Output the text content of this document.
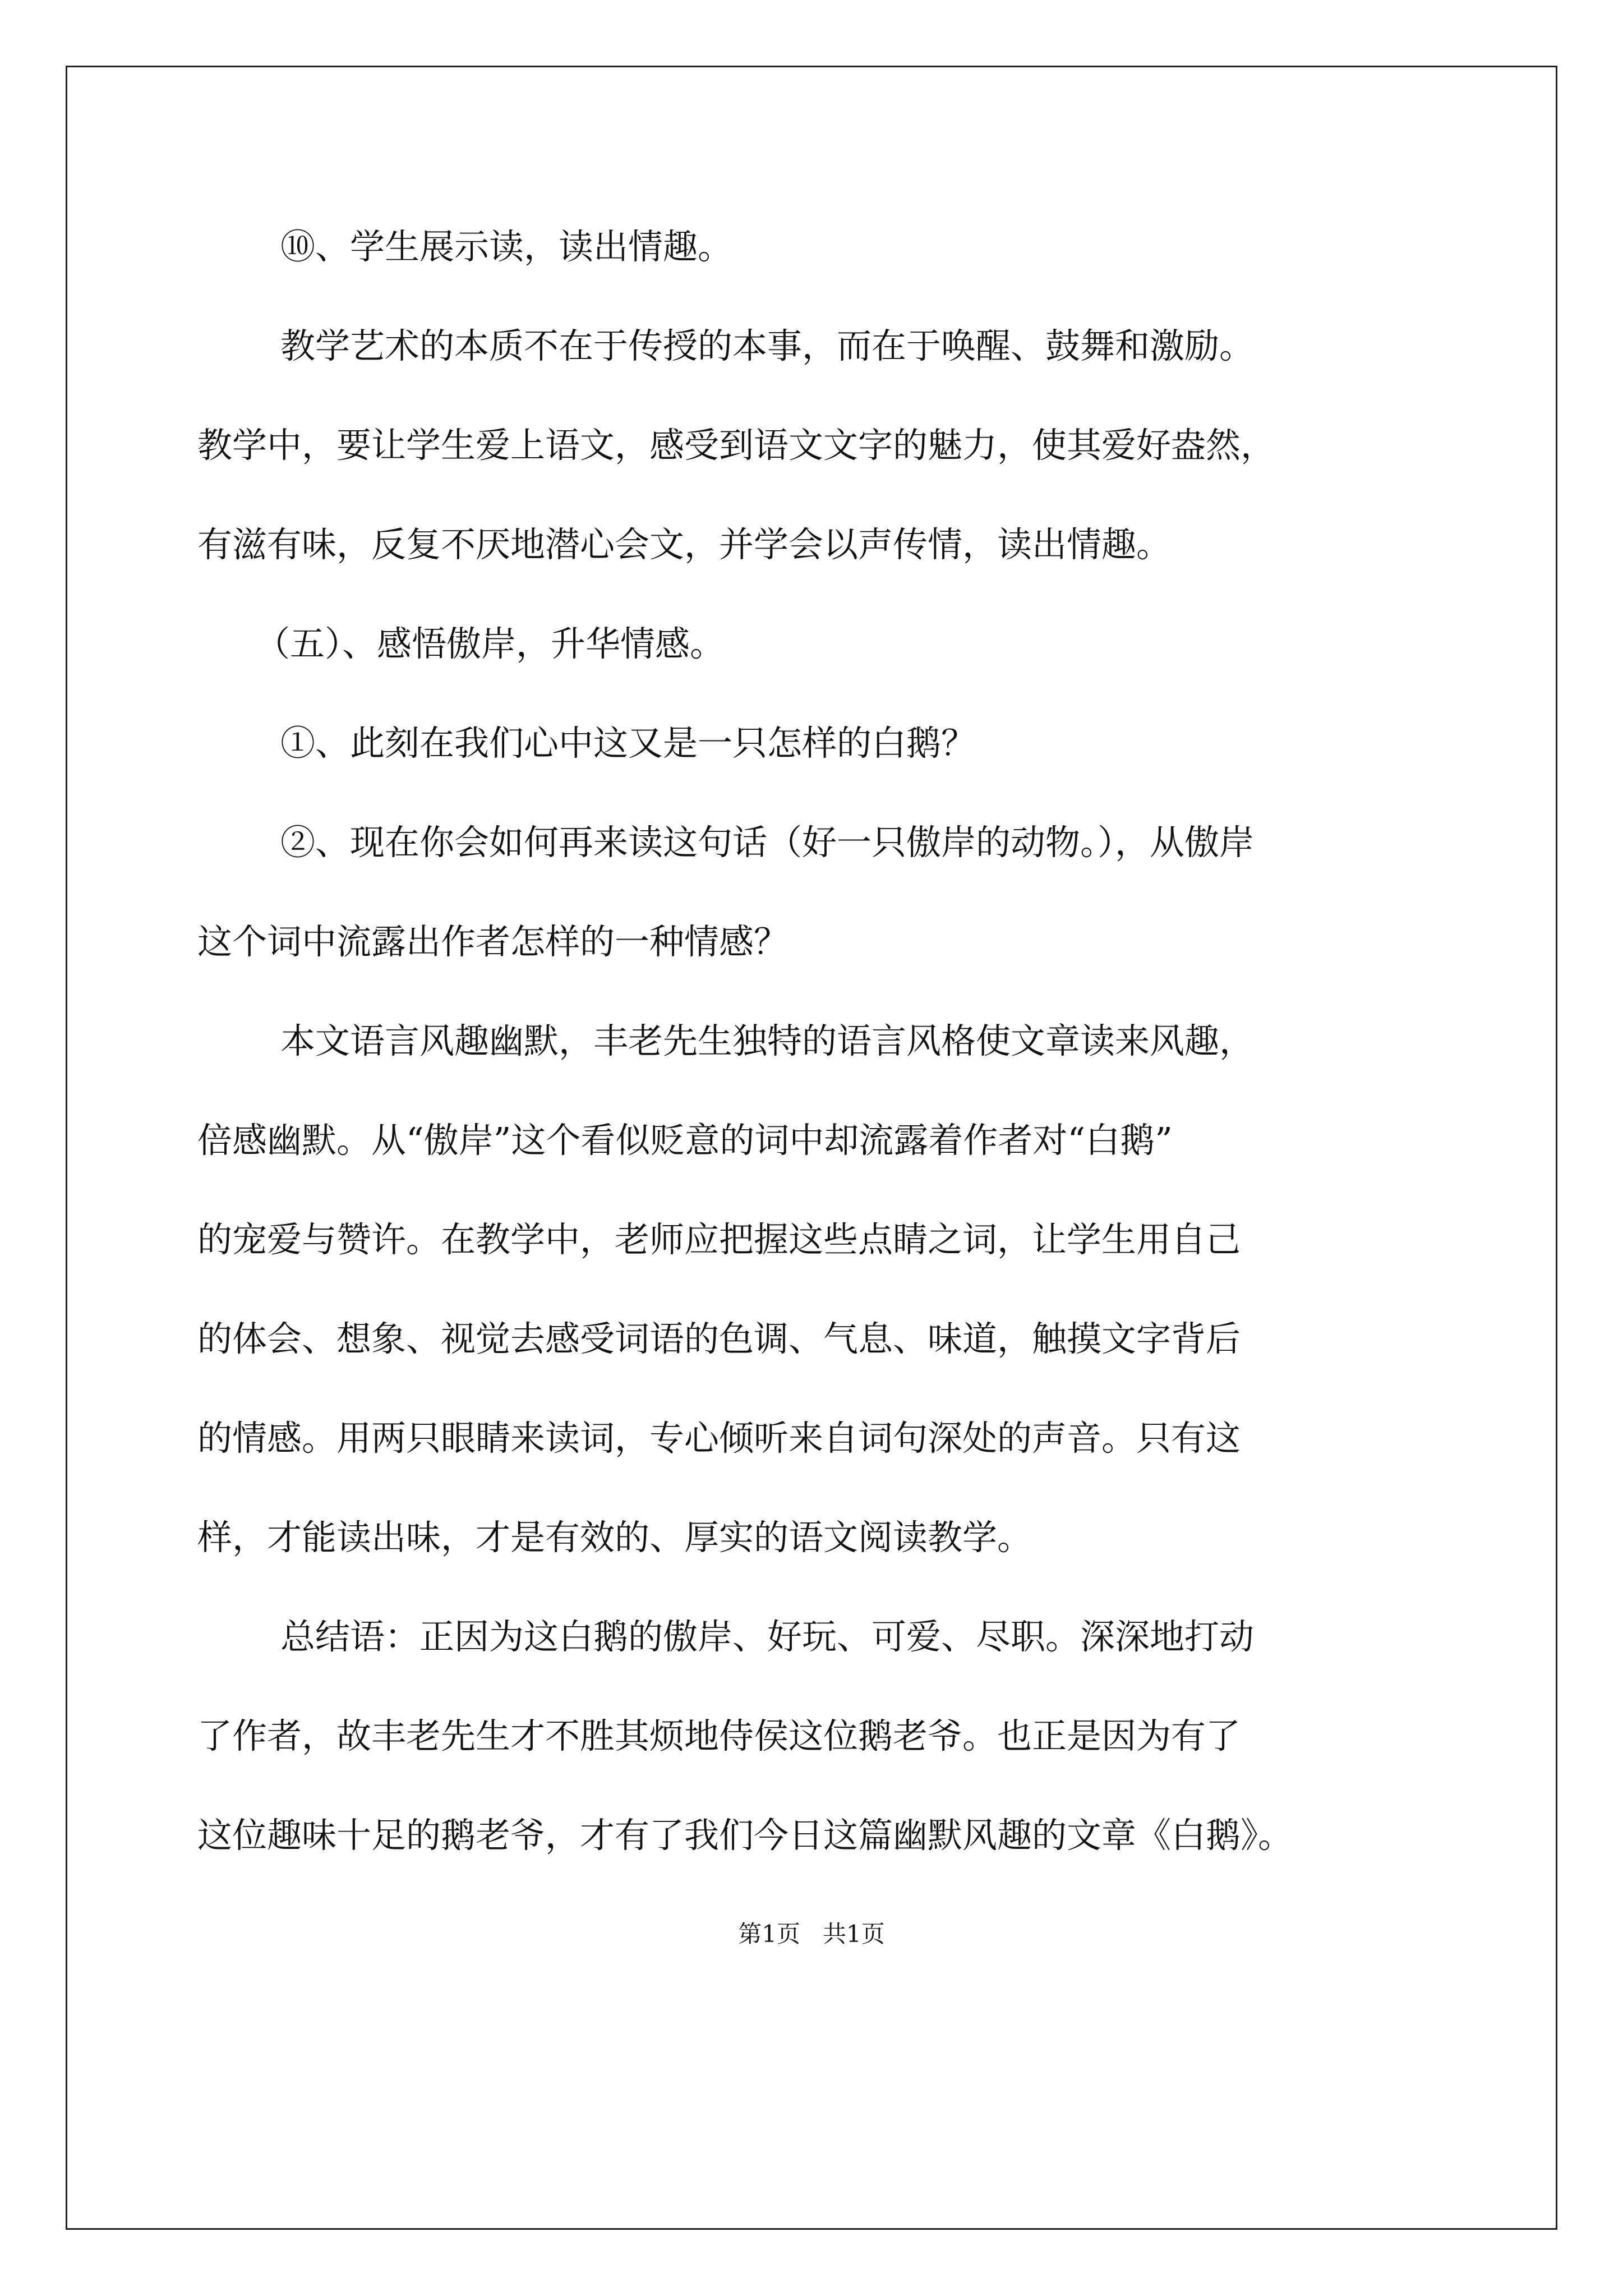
⑩、学生展示读，读出情趣。
教学艺术的本质不在于传授的本事，而在于唤醒、鼓舞和激励。
教学中，要让学生爱上语文，感受到语文文字的魅力，使其爱好盎然，
有滋有味，反复不厌地潜心会文，并学会以声传情，读出情趣。
（五）、感悟傲岸，升华情感。
①、此刻在我们心中这又是一只怎样的白鹅？
②、现在你会如何再来读这句话（好一只傲岸的动物。），从傲岸
这个词中流露出作者怎样的一种情感？
本文语言风趣幽默，丰老先生独特的语言风格使文章读来风趣，
倍感幽默。从“傲岸”这个看似贬意的词中却流露着作者对“白鹅”
的宠爱与赞许。在教学中，老师应把握这些点睛之词，让学生用自己
的体会、想象、视觉去感受词语的色调、气息、味道，触摸文字背后
的情感。用两只眼睛来读词，专心倾听来自词句深处的声音。只有这
样，才能读出味，才是有效的、厚实的语文阅读教学。
总结语：正因为这白鹅的傲岸、好玩、可爱、尽职。深深地打动
了作者，故丰老先生才不胜其烦地侍侯这位鹅老爷。也正是因为有了
这位趣味十足的鹅老爷，才有了我们今日这篇幽默风趣的文章《白鹅》。
第1页   共1页
